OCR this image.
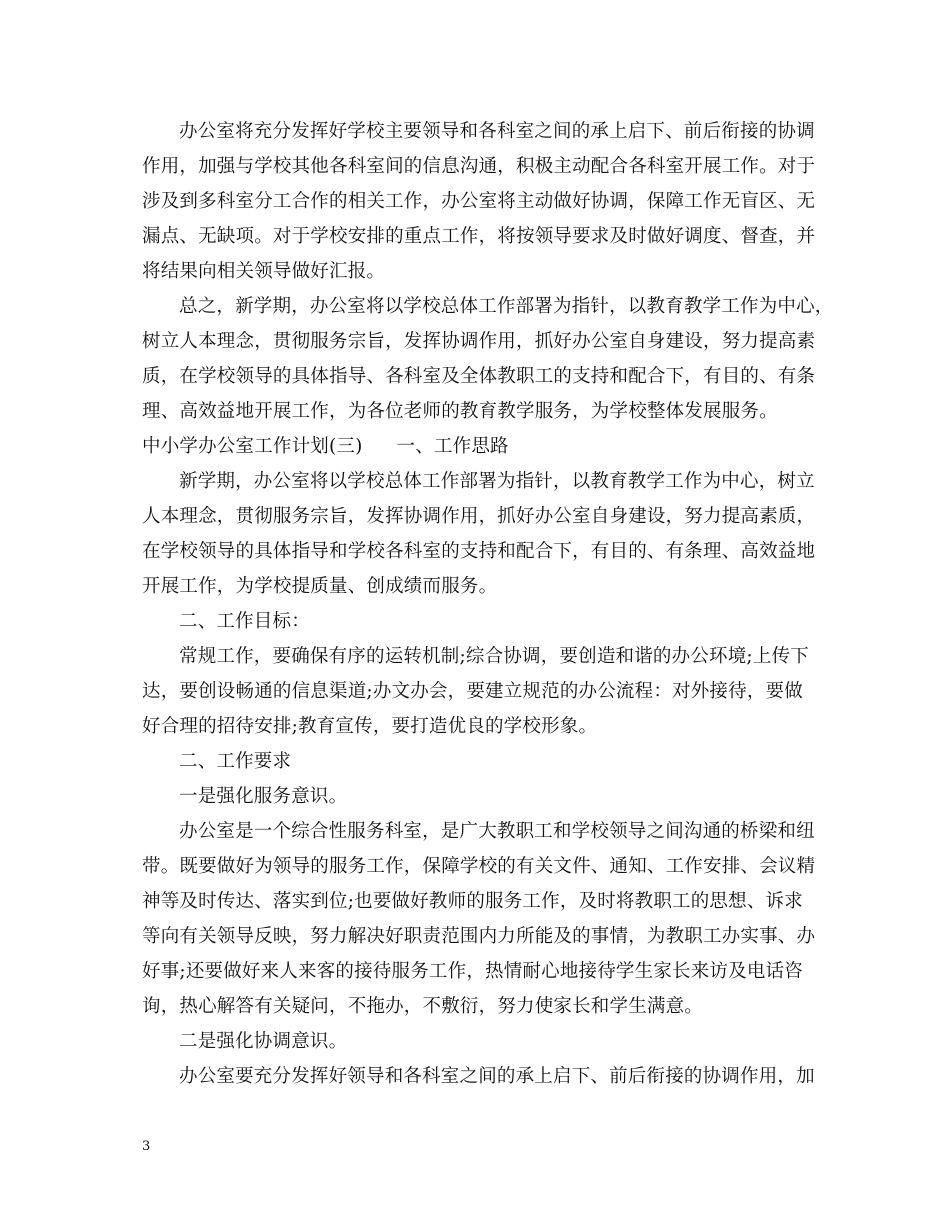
办公室将充分发挥好学校主要领导和各科室之间的承上启下、前后衔接的协调
作用，加强与学校其他各科室间的信息沟通，积极主动配合各科室开展工作。对于
涉及到多科室分工合作的相关工作，办公室将主动做好协调，保障工作无盲区、无
漏点、无缺项。对于学校安排的重点工作，将按领导要求及时做好调度、督查，并
将结果向相关领导做好汇报。
总之，新学期，办公室将以学校总体工作部署为指针，以教育教学工作为中心，
树立人本理念，贯彻服务宗旨，发挥协调作用，抓好办公室自身建设，努力提高素
质，在学校领导的具体指导、各科室及全体教职工的支持和配合下，有目的、有条
理、高效益地开展工作，为各位老师的教育教学服务，为学校整体发展服务。
中小学办公室工作计划(三) 一、工作思路
新学期，办公室将以学校总体工作部署为指针，以教育教学工作为中心，树立
人本理念，贯彻服务宗旨，发挥协调作用，抓好办公室自身建设，努力提高素质，
在学校领导的具体指导和学校各科室的支持和配合下，有目的、有条理、高效益地
开展工作，为学校提质量、创成绩而服务。
二、工作目标：
常规工作，要确保有序的运转机制;综合协调，要创造和谐的办公环境;上传下
达，要创设畅通的信息渠道;办文办会，要建立规范的办公流程：对外接待，要做
好合理的招待安排;教育宣传，要打造优良的学校形象。
二、工作要求
一是强化服务意识。
办公室是一个综合性服务科室，是广大教职工和学校领导之间沟通的桥梁和纽
带。既要做好为领导的服务工作，保障学校的有关文件、通知、工作安排、会议精
神等及时传达、落实到位;也要做好教师的服务工作，及时将教职工的思想、诉求
等向有关领导反映，努力解决好职责范围内力所能及的事情，为教职工办实事、办
好事;还要做好来人来客的接待服务工作，热情耐心地接待学生家长来访及电话咨
询，热心解答有关疑问，不拖办，不敷衍，努力使家长和学生满意。
二是强化协调意识。
办公室要充分发挥好领导和各科室之间的承上启下、前后衔接的协调作用，加
3
